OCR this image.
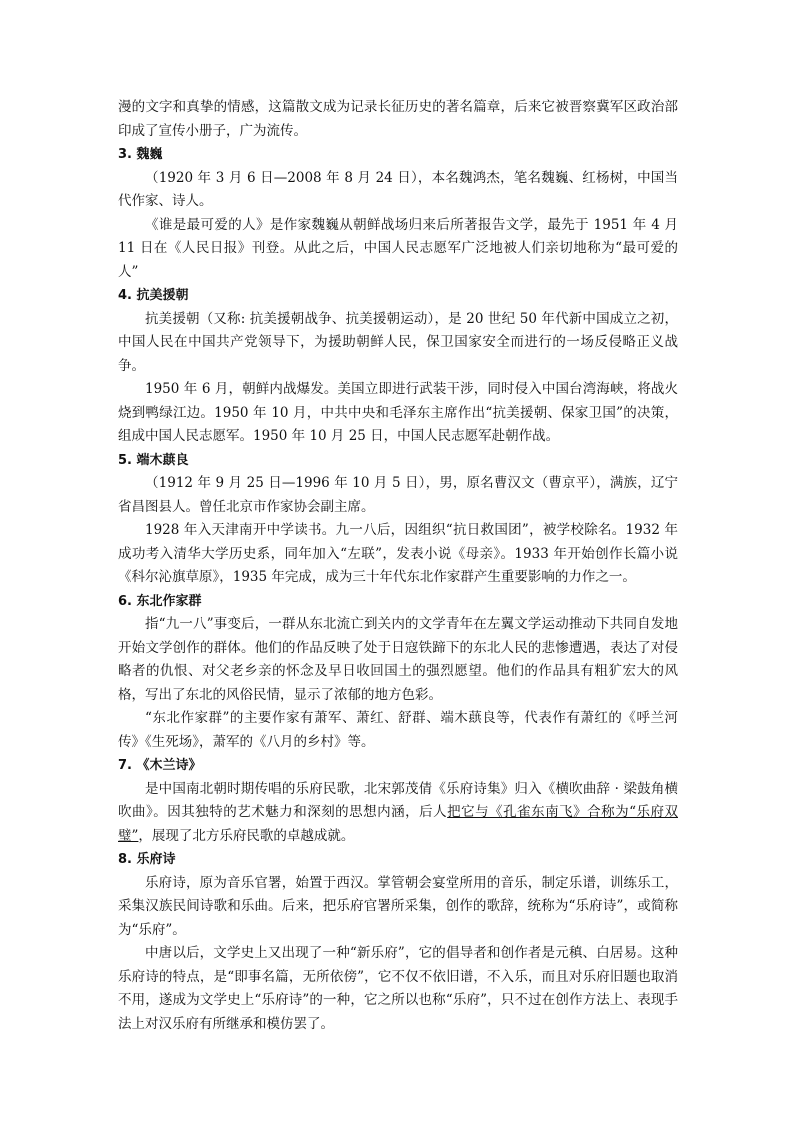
漫的文字和真挚的情感，这篇散文成为记录长征历史的著名篇章，后来它被晋察冀军区政治部印成了宣传小册子，广为流传。

3. 魏巍

（1920 年 3 月 6 日—2008 年 8 月 24 日），本名魏鸿杰，笔名魏巍、红杨树，中国当代作家、诗人。

《谁是最可爱的人》是作家魏巍从朝鲜战场归来后所著报告文学，最先于 1951 年 4 月 11 日在《人民日报》刊登。从此之后，中国人民志愿军广泛地被人们亲切地称为“最可爱的人”

4. 抗美援朝

抗美援朝（又称: 抗美援朝战争、抗美援朝运动），是 20 世纪 50 年代新中国成立之初，中国人民在中国共产党领导下，为援助朝鲜人民，保卫国家安全而进行的一场反侵略正义战争。

1950 年 6 月，朝鲜内战爆发。美国立即进行武装干涉，同时侵入中国台湾海峡，将战火烧到鸭绿江边。1950 年 10 月，中共中央和毛泽东主席作出“抗美援朝、保家卫国”的决策，组成中国人民志愿军。1950 年 10 月 25 日，中国人民志愿军赴朝作战。

5. 端木蕻良

（1912 年 9 月 25 日—1996 年 10 月 5 日），男，原名曹汉文（曹京平），满族，辽宁省昌图县人。曾任北京市作家协会副主席。

1928 年入天津南开中学读书。九一八后，因组织“抗日救国团”，被学校除名。1932 年成功考入清华大学历史系，同年加入“左联”，发表小说《母亲》。1933 年开始创作长篇小说《科尔沁旗草原》，1935 年完成，成为三十年代东北作家群产生重要影响的力作之一。

6. 东北作家群

指“九一八”事变后，一群从东北流亡到关内的文学青年在左翼文学运动推动下共同自发地开始文学创作的群体。他们的作品反映了处于日寇铁蹄下的东北人民的悲惨遭遇，表达了对侵略者的仇恨、对父老乡亲的怀念及早日收回国土的强烈愿望。他们的作品具有粗犷宏大的风格，写出了东北的风俗民情，显示了浓郁的地方色彩。

“东北作家群”的主要作家有萧军、萧红、舒群、端木蕻良等，代表作有萧红的《呼兰河传》《生死场》，萧军的《八月的乡村》等。

7. 《木兰诗》

是中国南北朝时期传唱的乐府民歌，北宋郭茂倩《乐府诗集》归入《横吹曲辞 · 梁鼓角横吹曲》。因其独特的艺术魅力和深刻的思想内涵，后人把它与《孔雀东南飞》合称为“乐府双璧”，展现了北方乐府民歌的卓越成就。

8. 乐府诗

乐府诗，原为音乐官署，始置于西汉。掌管朝会宴堂所用的音乐，制定乐谱，训练乐工，采集汉族民间诗歌和乐曲。后来，把乐府官署所采集，创作的歌辞，统称为“乐府诗”，或简称为“乐府”。

中唐以后，文学史上又出现了一种“新乐府”，它的倡导者和创作者是元稹、白居易。这种乐府诗的特点，是“即事名篇，无所依傍”，它不仅不依旧谱，不入乐，而且对乐府旧题也取消不用，遂成为文学史上“乐府诗”的一种，它之所以也称“乐府”，只不过在创作方法上、表现手法上对汉乐府有所继承和模仿罢了。
